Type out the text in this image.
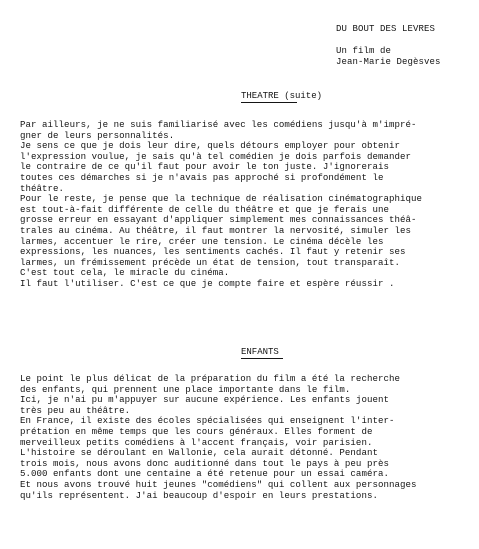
DU BOUT DES LEVRES
Un film de
Jean-Marie Degèsves
THEATRE (suite)
Par ailleurs, je ne suis familiarisé avec les comédiens jusqu'à m'impré-
gner de leurs personnalités.
Je sens ce que je dois leur dire, quels détours employer pour obtenir
l'expression voulue, je sais qu'à tel comédien je dois parfois demander
le contraire de ce qu'il faut pour avoir le ton juste. J'ignorerais
toutes ces démarches si je n'avais pas approché si profondément le
théâtre.
Pour le reste, je pense que la technique de réalisation cinématographique
est tout-à-fait différente de celle du théâtre et que je ferais une
grosse erreur en essayant d'appliquer simplement mes connaissances théâ-
trales au cinéma. Au théâtre, il faut montrer la nervosité, simuler les
larmes, accentuer le rire, créer une tension. Le cinéma décèle les
expressions, les nuances, les sentiments cachés. Il faut y retenir ses
larmes, un frémissement précède un état de tension, tout transparaît.
C'est tout cela, le miracle du cinéma.
Il faut l'utiliser. C'est ce que je compte faire et espère réussir .
ENFANTS
Le point le plus délicat de la préparation du film a été la recherche
des enfants, qui prennent une place importante dans le film.
Ici, je n'ai pu m'appuyer sur aucune expérience. Les enfants jouent
très peu au théâtre.
En France, il existe des écoles spécialisées qui enseignent l'inter-
prétation en même temps que les cours généraux. Elles forment de
merveilleux petits comédiens à l'accent français, voir parisien.
L'histoire se déroulant en Wallonie, cela aurait détonné. Pendant
trois mois, nous avons donc auditionné dans tout le pays à peu près
5.000 enfants dont une centaine a été retenue pour un essai caméra.
Et nous avons trouvé huit jeunes "comédiens" qui collent aux personnages
qu'ils représentent. J'ai beaucoup d'espoir en leurs prestations.
